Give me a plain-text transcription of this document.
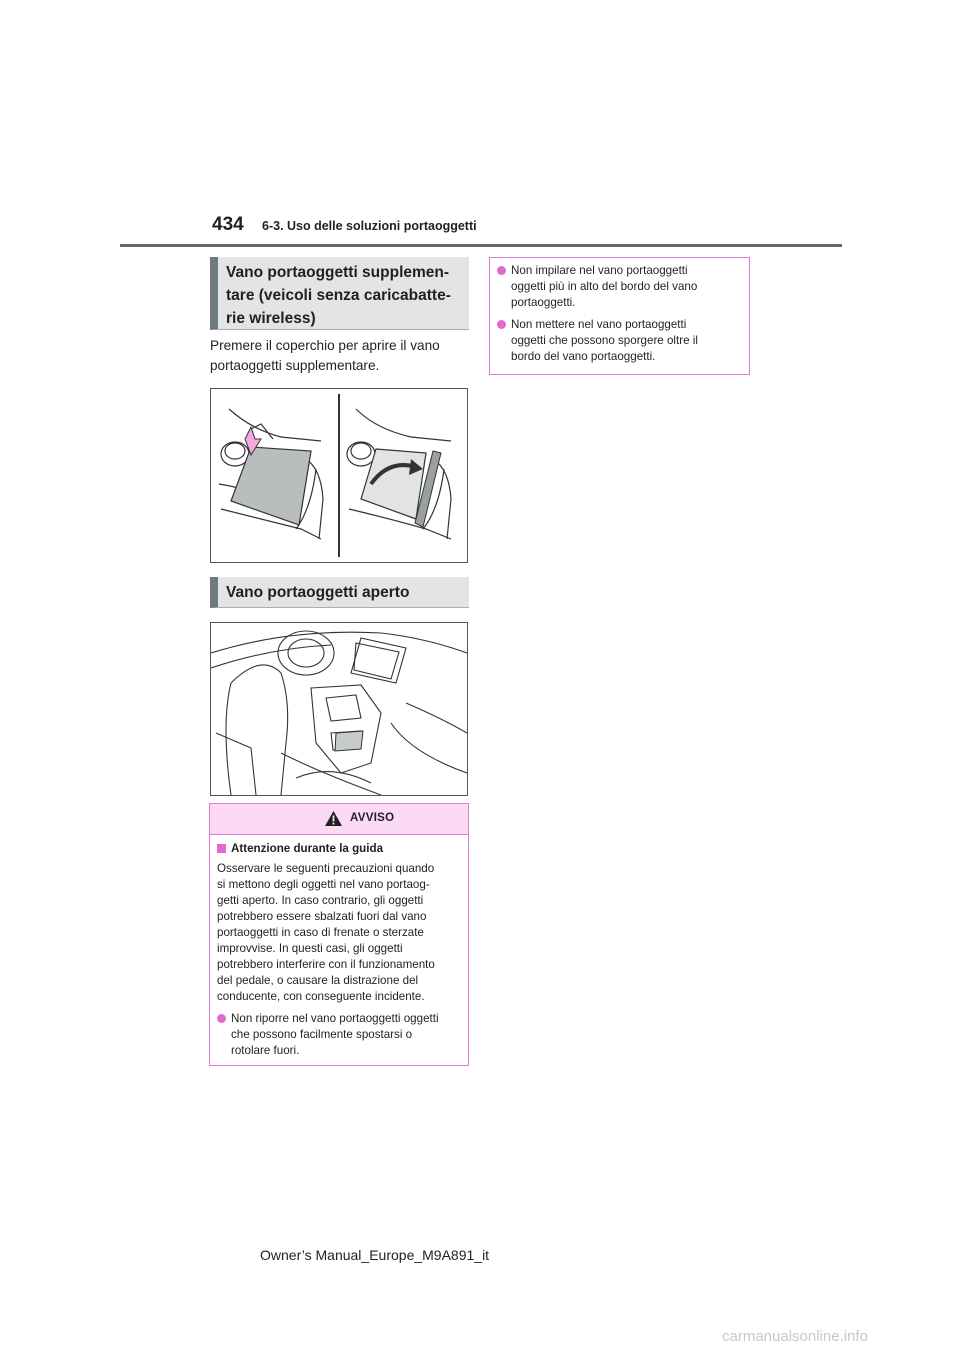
434 6-3. Uso delle soluzioni portaoggetti
Vano portaoggetti supplemen-
tare (veicoli senza caricabatte-
rie wireless)
Premere il coperchio per aprire il vano
portaoggetti supplementare.
Vano portaoggetti aperto
AVVISO
Attenzione durante la guida
Osservare le seguenti precauzioni quando
si mettono degli oggetti nel vano portaog-
getti aperto. In caso contrario, gli oggetti
potrebbero essere sbalzati fuori dal vano
portaoggetti in caso di frenate o sterzate
improvvise. In questi casi, gli oggetti
potrebbero interferire con il funzionamento
del pedale, o causare la distrazione del
conducente, con conseguente incidente.
Non riporre nel vano portaoggetti oggetti
che possono facilmente spostarsi o
rotolare fuori.
Non impilare nel vano portaoggetti
oggetti più in alto del bordo del vano
portaoggetti.
Non mettere nel vano portaoggetti
oggetti che possono sporgere oltre il
bordo del vano portaoggetti.
Owner’s Manual_Europe_M9A891_it
carmanualsonline.info
